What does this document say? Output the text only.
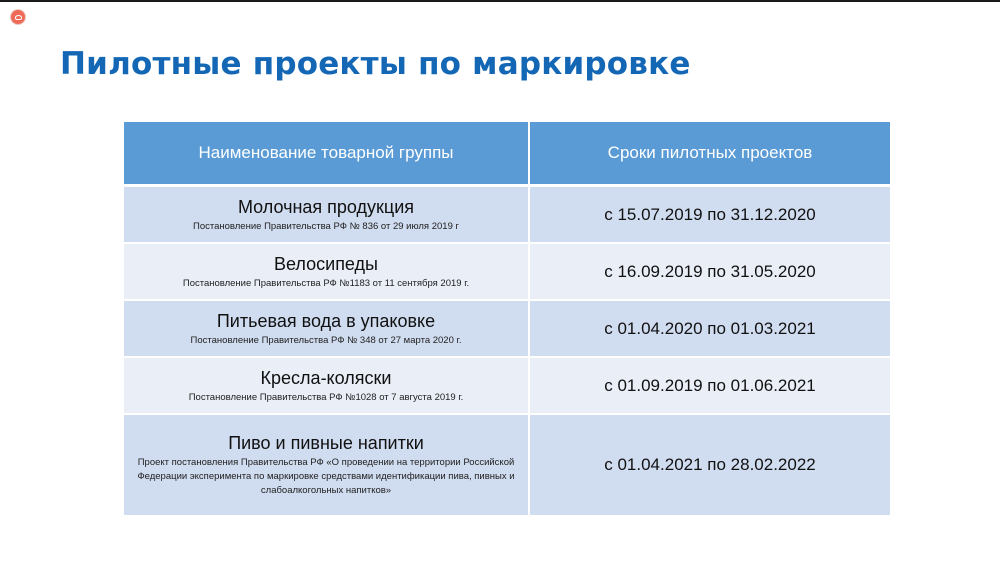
Пилотные проекты по маркировке
Наименование товарной группы	Сроки пилотных проектов

Молочная продукция
Постановление Правительства РФ № 836 от 29 июля 2019 г	с 15.07.2019 по 31.12.2020

Велосипеды
Постановление Правительства РФ №1183 от 11 сентября 2019 г.	с 16.09.2019 по 31.05.2020

Питьевая вода в упаковке
Постановление Правительства РФ № 348 от 27 марта 2020 г.	с 01.04.2020 по 01.03.2021

Кресла-коляски
Постановление Правительства РФ №1028 от 7 августа 2019 г.	с 01.09.2019 по 01.06.2021

Пиво и пивные напитки
Проект постановления Правительства РФ «О проведении на территории Российской Федерации эксперимента по маркировке средствами идентификации пива, пивных и слабоалкогольных напитков»	с 01.04.2021 по 28.02.2022
